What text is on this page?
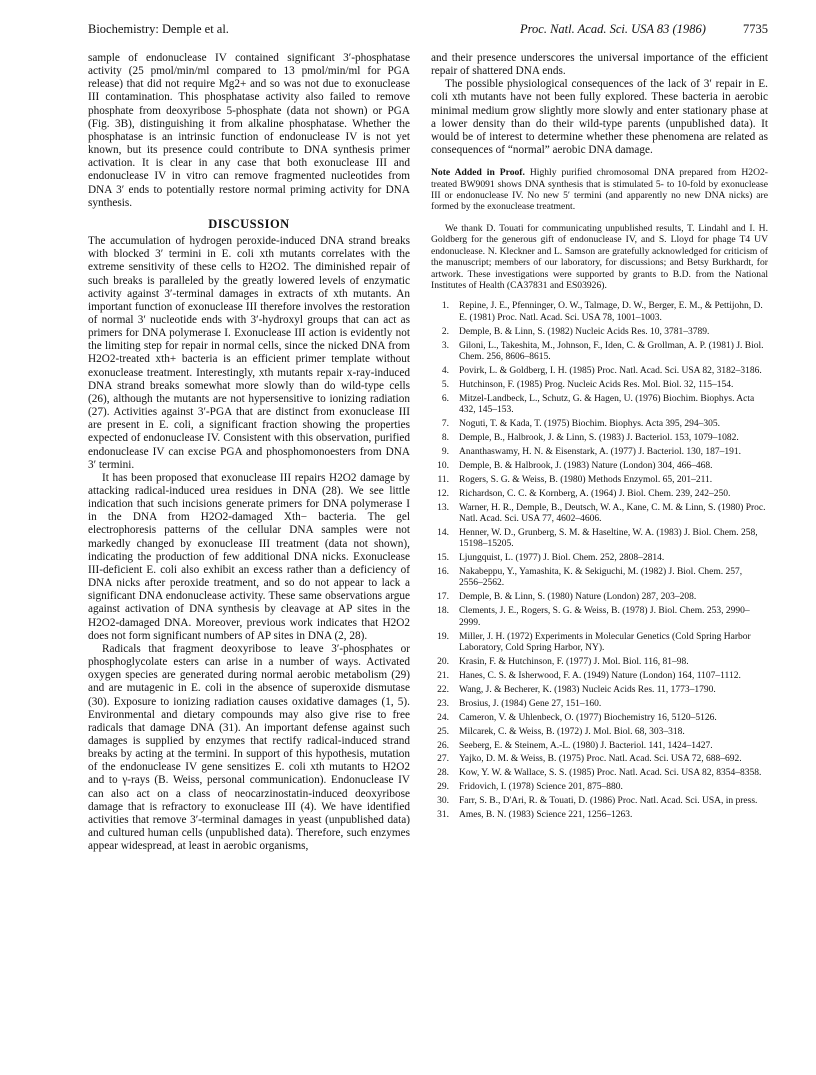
Biochemistry: Demple et al.	Proc. Natl. Acad. Sci. USA 83 (1986)	7735

sample of endonuclease IV contained significant 3′-phosphatase activity (25 pmol/min/ml compared to 13 pmol/min/ml for PGA release) that did not require Mg2+ and so was not due to exonuclease III contamination. This phosphatase activity also failed to remove phosphate from deoxyribose 5-phosphate (data not shown) or PGA (Fig. 3B), distinguishing it from alkaline phosphatase. Whether the phosphatase is an intrinsic function of endonuclease IV is not yet known, but its presence could contribute to DNA synthesis primer activation. It is clear in any case that both exonuclease III and endonuclease IV in vitro can remove fragmented nucleotides from DNA 3′ ends to potentially restore normal priming activity for DNA synthesis.

DISCUSSION

The accumulation of hydrogen peroxide-induced DNA strand breaks with blocked 3′ termini in E. coli xth mutants correlates with the extreme sensitivity of these cells to H2O2. The diminished repair of such breaks is paralleled by the greatly lowered levels of enzymatic activity against 3′-terminal damages in extracts of xth mutants. An important function of exonuclease III therefore involves the restoration of normal 3′ nucleotide ends with 3′-hydroxyl groups that can act as primers for DNA polymerase I. Exonuclease III action is evidently not the limiting step for repair in normal cells, since the nicked DNA from H2O2-treated xth+ bacteria is an efficient primer template without exonuclease treatment. Interestingly, xth mutants repair x-ray-induced DNA strand breaks somewhat more slowly than do wild-type cells (26), although the mutants are not hypersensitive to ionizing radiation (27). Activities against 3′-PGA that are distinct from exonuclease III are present in E. coli, a significant fraction showing the properties expected of endonuclease IV. Consistent with this observation, purified endonuclease IV can excise PGA and phosphomonoesters from DNA 3′ termini.

It has been proposed that exonuclease III repairs H2O2 damage by attacking radical-induced urea residues in DNA (28). We see little indication that such incisions generate primers for DNA polymerase I in the DNA from H2O2-damaged Xth− bacteria. The gel electrophoresis patterns of the cellular DNA samples were not markedly changed by exonuclease III treatment (data not shown), indicating the production of few additional DNA nicks. Exonuclease III-deficient E. coli also exhibit an excess rather than a deficiency of DNA nicks after peroxide treatment, and so do not appear to lack a significant DNA endonuclease activity. These same observations argue against activation of DNA synthesis by cleavage at AP sites in the H2O2-damaged DNA. Moreover, previous work indicates that H2O2 does not form significant numbers of AP sites in DNA (2, 28).

Radicals that fragment deoxyribose to leave 3′-phosphates or phosphoglycolate esters can arise in a number of ways. Activated oxygen species are generated during normal aerobic metabolism (29) and are mutagenic in E. coli in the absence of superoxide dismutase (30). Exposure to ionizing radiation causes oxidative damages (1, 5). Environmental and dietary compounds may also give rise to free radicals that damage DNA (31). An important defense against such damages is supplied by enzymes that rectify radical-induced strand breaks by acting at the termini. In support of this hypothesis, mutation of the endonuclease IV gene sensitizes E. coli xth mutants to H2O2 and to γ-rays (B. Weiss, personal communication). Endonuclease IV can also act on a class of neocarzinostatin-induced deoxyribose damage that is refractory to exonuclease III (4). We have identified activities that remove 3′-terminal damages in yeast (unpublished data) and cultured human cells (unpublished data). Therefore, such enzymes appear widespread, at least in aerobic organisms,

and their presence underscores the universal importance of the efficient repair of shattered DNA ends.

The possible physiological consequences of the lack of 3′ repair in E. coli xth mutants have not been fully explored. These bacteria in aerobic minimal medium grow slightly more slowly and enter stationary phase at a lower density than do their wild-type parents (unpublished data). It would be of interest to determine whether these phenomena are related as consequences of “normal” aerobic DNA damage.

Note Added in Proof. Highly purified chromosomal DNA prepared from H2O2-treated BW9091 shows DNA synthesis that is stimulated 5- to 10-fold by exonuclease III or endonuclease IV. No new 5′ termini (and apparently no new DNA nicks) are formed by the exonuclease treatment.

We thank D. Touati for communicating unpublished results, T. Lindahl and I. H. Goldberg for the generous gift of endonuclease IV, and S. Lloyd for phage T4 UV endonuclease. N. Kleckner and L. Samson are gratefully acknowledged for criticism of the manuscript; members of our laboratory, for discussions; and Betsy Burkhardt, for artwork. These investigations were supported by grants to B.D. from the National Institutes of Health (CA37831 and ES03926).

1. Repine, J. E., Pfenninger, O. W., Talmage, D. W., Berger, E. M., & Pettijohn, D. E. (1981) Proc. Natl. Acad. Sci. USA 78, 1001–1003.
2. Demple, B. & Linn, S. (1982) Nucleic Acids Res. 10, 3781–3789.
3. Giloni, L., Takeshita, M., Johnson, F., Iden, C. & Grollman, A. P. (1981) J. Biol. Chem. 256, 8606–8615.
4. Povirk, L. & Goldberg, I. H. (1985) Proc. Natl. Acad. Sci. USA 82, 3182–3186.
5. Hutchinson, F. (1985) Prog. Nucleic Acids Res. Mol. Biol. 32, 115–154.
6. Mitzel-Landbeck, L., Schutz, G. & Hagen, U. (1976) Biochim. Biophys. Acta 432, 145–153.
7. Noguti, T. & Kada, T. (1975) Biochim. Biophys. Acta 395, 294–305.
8. Demple, B., Halbrook, J. & Linn, S. (1983) J. Bacteriol. 153, 1079–1082.
9. Ananthaswamy, H. N. & Eisenstark, A. (1977) J. Bacteriol. 130, 187–191.
10. Demple, B. & Halbrook, J. (1983) Nature (London) 304, 466–468.
11. Rogers, S. G. & Weiss, B. (1980) Methods Enzymol. 65, 201–211.
12. Richardson, C. C. & Kornberg, A. (1964) J. Biol. Chem. 239, 242–250.
13. Warner, H. R., Demple, B., Deutsch, W. A., Kane, C. M. & Linn, S. (1980) Proc. Natl. Acad. Sci. USA 77, 4602–4606.
14. Henner, W. D., Grunberg, S. M. & Haseltine, W. A. (1983) J. Biol. Chem. 258, 15198–15205.
15. Ljungquist, L. (1977) J. Biol. Chem. 252, 2808–2814.
16. Nakabeppu, Y., Yamashita, K. & Sekiguchi, M. (1982) J. Biol. Chem. 257, 2556–2562.
17. Demple, B. & Linn, S. (1980) Nature (London) 287, 203–208.
18. Clements, J. E., Rogers, S. G. & Weiss, B. (1978) J. Biol. Chem. 253, 2990–2999.
19. Miller, J. H. (1972) Experiments in Molecular Genetics (Cold Spring Harbor Laboratory, Cold Spring Harbor, NY).
20. Krasin, F. & Hutchinson, F. (1977) J. Mol. Biol. 116, 81–98.
21. Hanes, C. S. & Isherwood, F. A. (1949) Nature (London) 164, 1107–1112.
22. Wang, J. & Becherer, K. (1983) Nucleic Acids Res. 11, 1773–1790.
23. Brosius, J. (1984) Gene 27, 151–160.
24. Cameron, V. & Uhlenbeck, O. (1977) Biochemistry 16, 5120–5126.
25. Milcarek, C. & Weiss, B. (1972) J. Mol. Biol. 68, 303–318.
26. Seeberg, E. & Steinem, A.-L. (1980) J. Bacteriol. 141, 1424–1427.
27. Yajko, D. M. & Weiss, B. (1975) Proc. Natl. Acad. Sci. USA 72, 688–692.
28. Kow, Y. W. & Wallace, S. S. (1985) Proc. Natl. Acad. Sci. USA 82, 8354–8358.
29. Fridovich, I. (1978) Science 201, 875–880.
30. Farr, S. B., D'Ari, R. & Touati, D. (1986) Proc. Natl. Acad. Sci. USA, in press.
31. Ames, B. N. (1983) Science 221, 1256–1263.
